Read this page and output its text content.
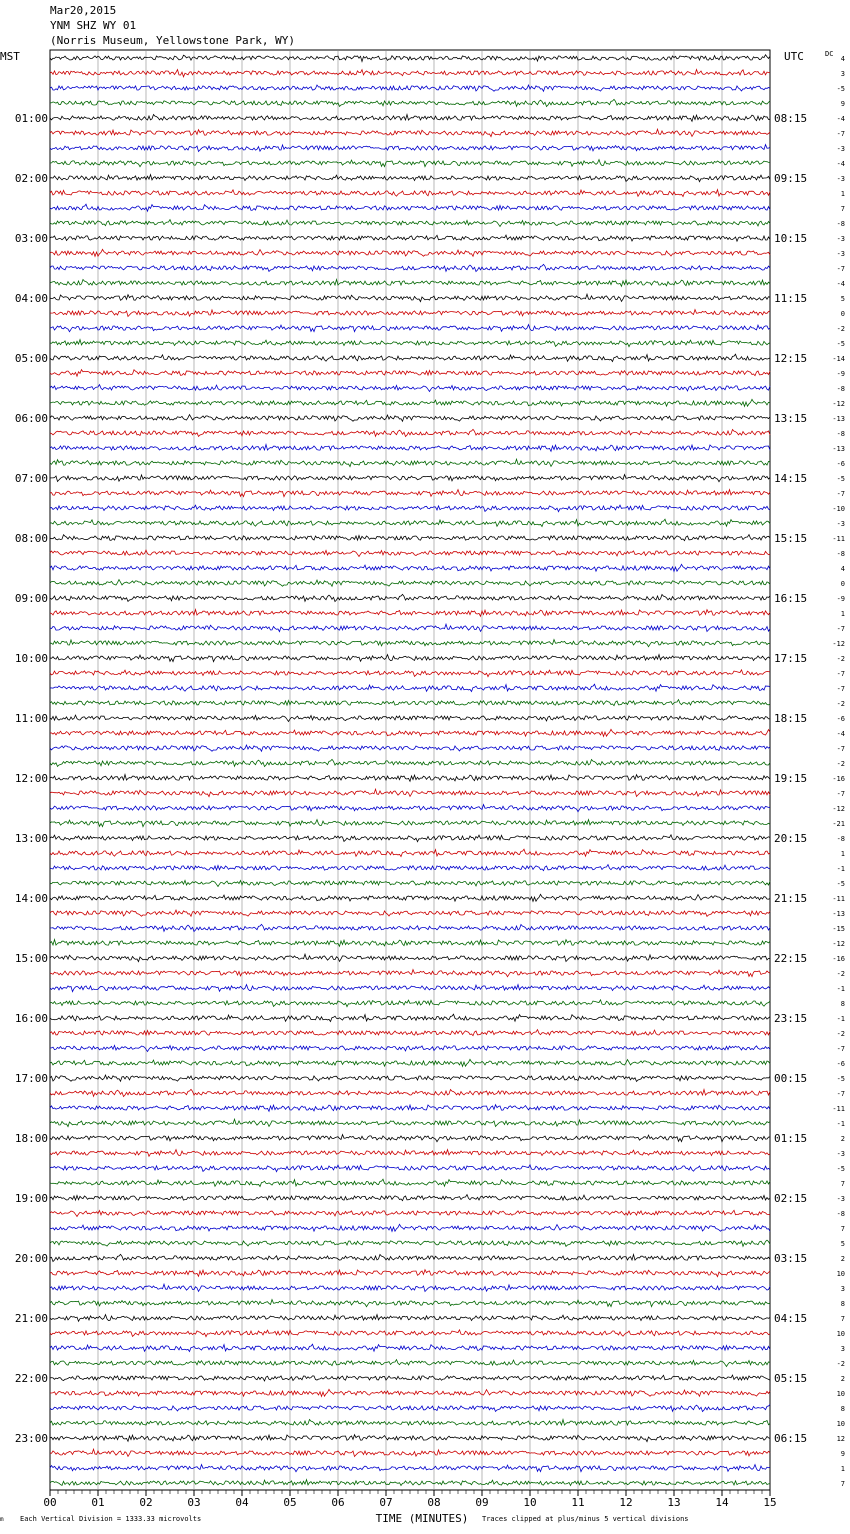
Mar20,2015
YNM SHZ WY 01
(Norris Museum, Yellowstone Park, WY)
MST	UTC	DC
01:00	08:15
02:00	09:15
03:00	10:15
04:00	11:15
05:00	12:15
06:00	13:15
07:00	14:15
08:00	15:15
09:00	16:15
10:00	17:15
11:00	18:15
12:00	19:15
13:00	20:15
14:00	21:15
15:00	22:15
16:00	23:15
17:00	00:15
18:00	01:15
19:00	02:15
20:00	03:15
21:00	04:15
22:00	05:15
23:00	06:15
4
3
-5
9
-4
-7
-3
-4
-3
1
7
-8
-3
-3
-7
-4
5
0
-2
-5
-14
-9
-8
-12
-13
-8
-13
-6
-5
-7
-10
-3
-11
-8
4
0
-9
1
-7
-12
-2
-7
-7
-2
-6
-4
-7
-2
-16
-7
-12
-21
-8
1
-1
-5
-11
-13
-15
-12
-16
-2
-1
8
-1
-2
-7
-6
-5
-7
-11
-1
2
-3
-5
7
-3
-8
7
5
2
10
3
8
7
10
3
-2
2
10
8
10
12
9
1
7
00	01	02	03	04	05	06	07	08	09	10	11	12	13	14	15
TIME (MINUTES)
m Each Vertical Division = 1333.33 microvolts	Traces clipped at plus/minus 5 vertical divisions
